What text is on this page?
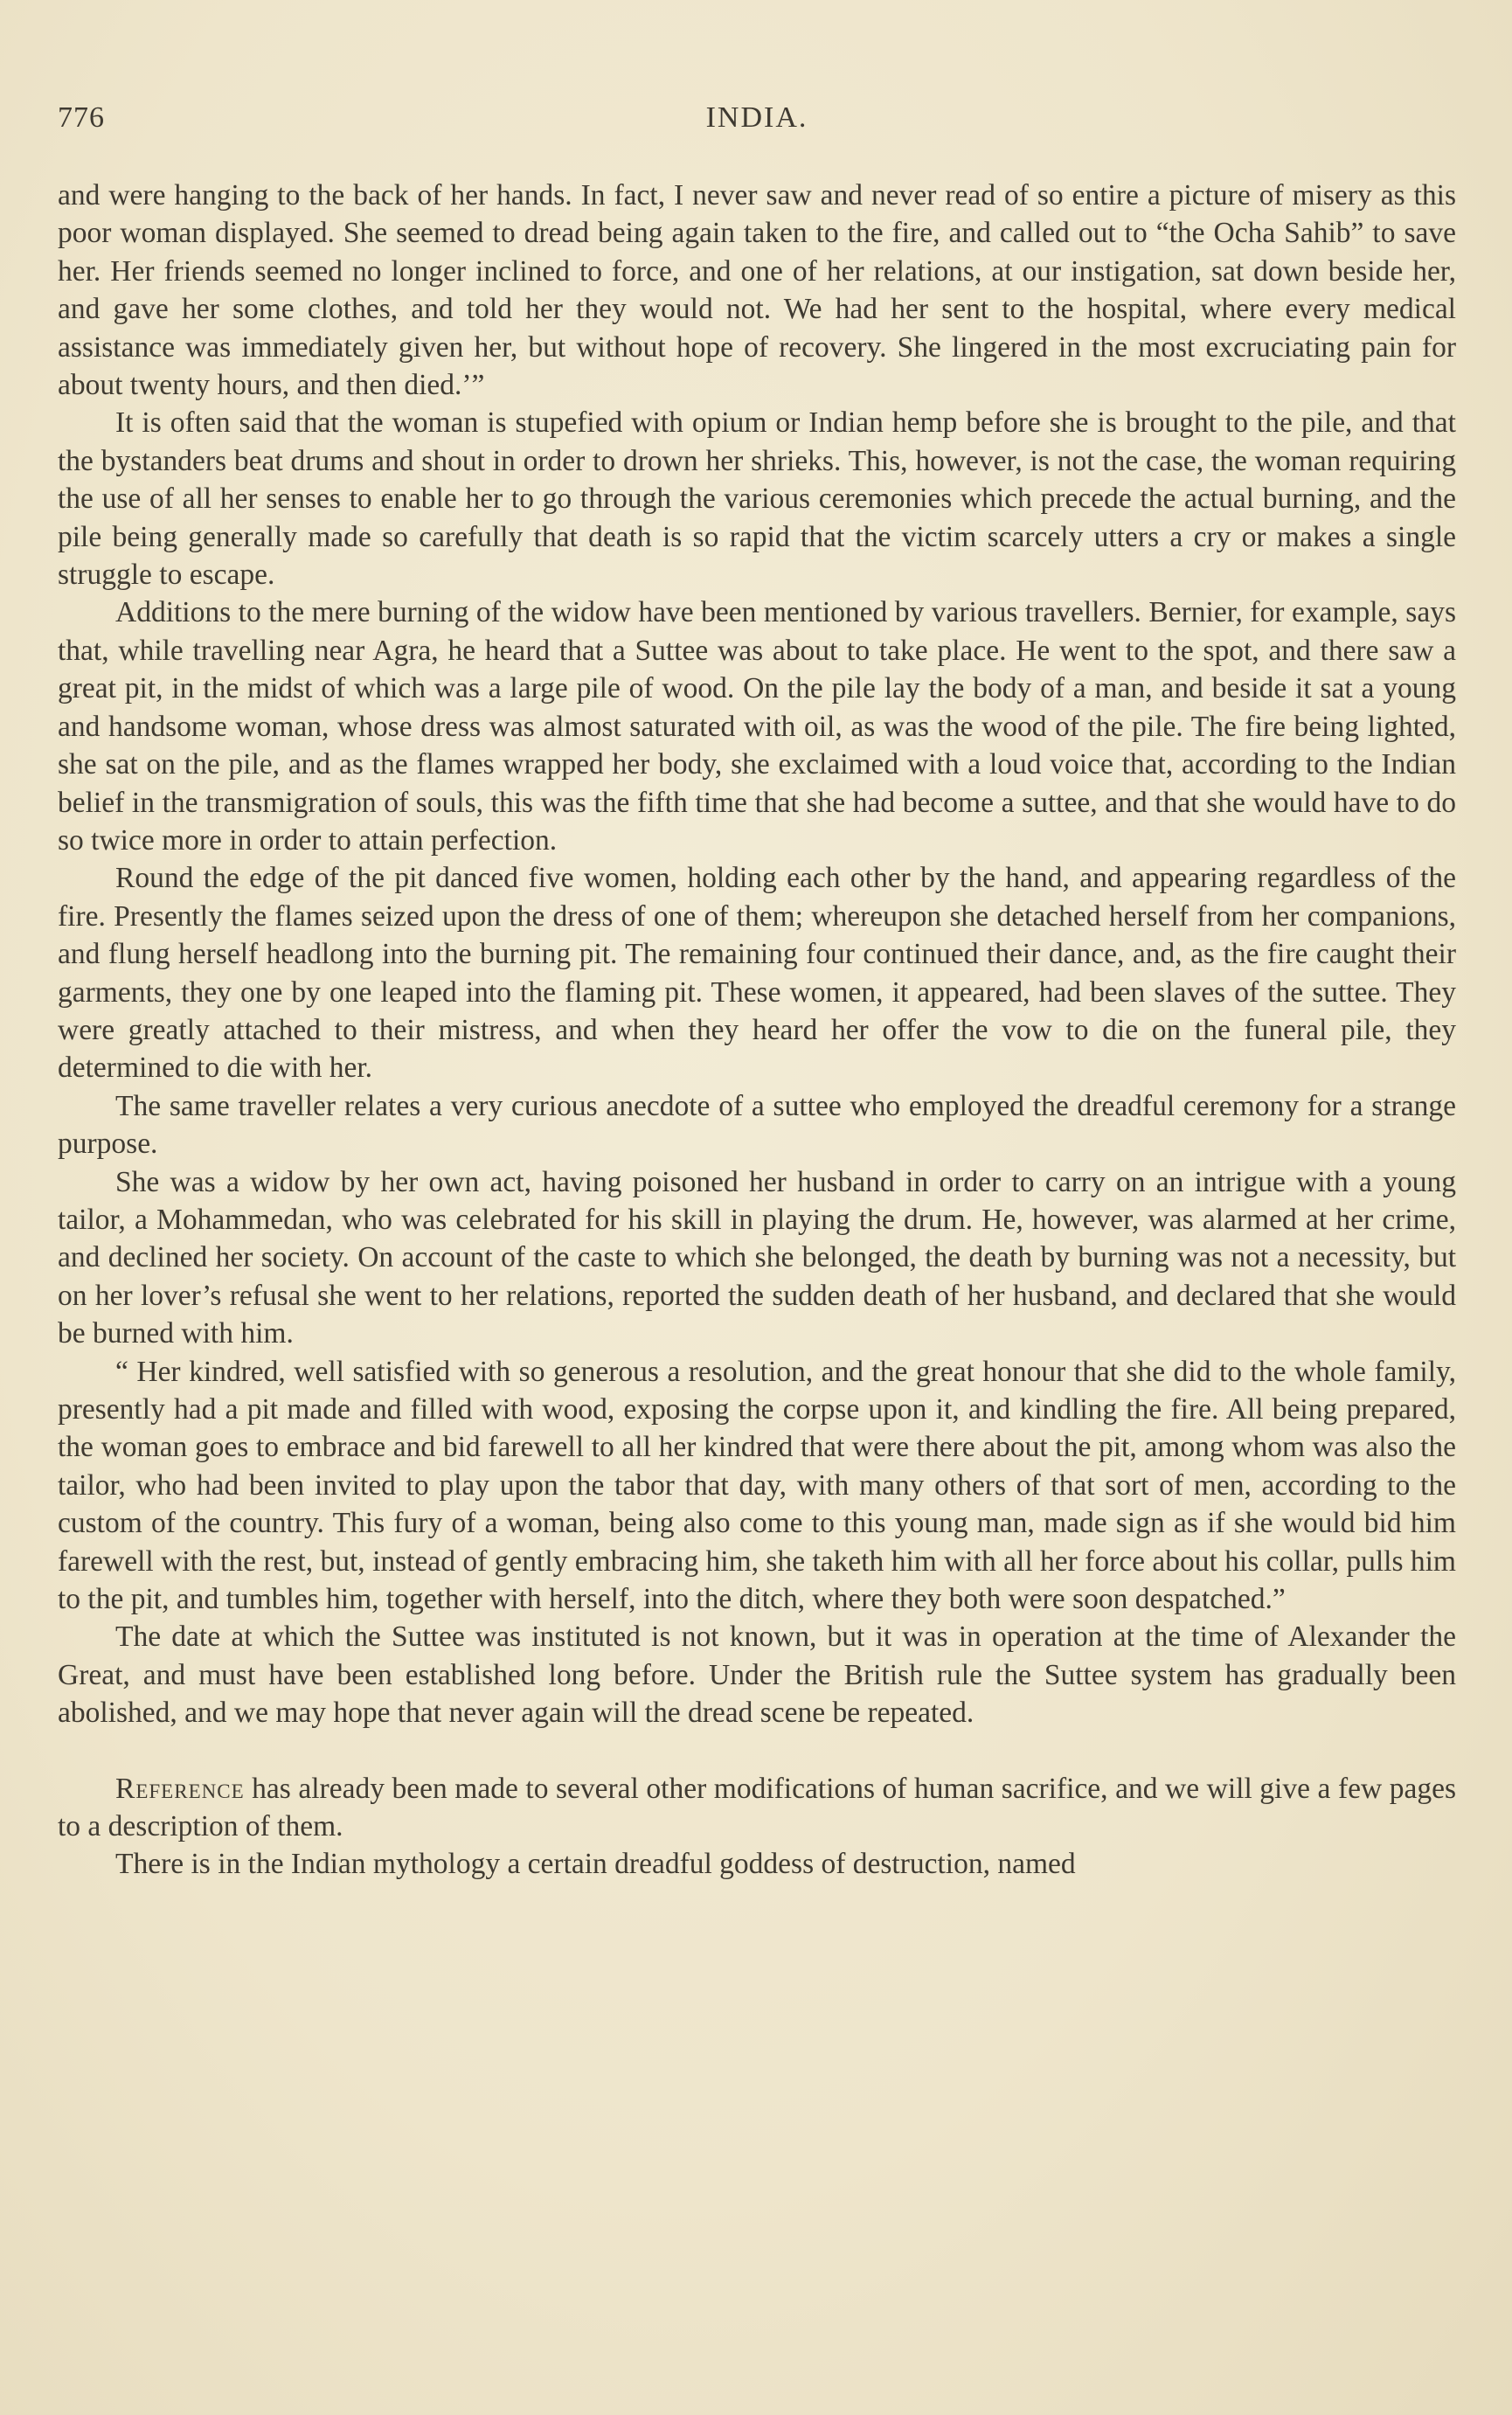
776	INDIA.

and were hanging to the back of her hands. In fact, I never saw and never read of so entire a picture of misery as this poor woman displayed. She seemed to dread being again taken to the fire, and called out to “the Ocha Sahib” to save her. Her friends seemed no longer inclined to force, and one of her relations, at our instigation, sat down beside her, and gave her some clothes, and told her they would not. We had her sent to the hospital, where every medical assistance was immediately given her, but without hope of recovery. She lingered in the most excruciating pain for about twenty hours, and then died.’”

It is often said that the woman is stupefied with opium or Indian hemp before she is brought to the pile, and that the bystanders beat drums and shout in order to drown her shrieks. This, however, is not the case, the woman requiring the use of all her senses to enable her to go through the various ceremonies which precede the actual burning, and the pile being generally made so carefully that death is so rapid that the victim scarcely utters a cry or makes a single struggle to escape.

Additions to the mere burning of the widow have been mentioned by various travellers. Bernier, for example, says that, while travelling near Agra, he heard that a Suttee was about to take place. He went to the spot, and there saw a great pit, in the midst of which was a large pile of wood. On the pile lay the body of a man, and beside it sat a young and handsome woman, whose dress was almost saturated with oil, as was the wood of the pile. The fire being lighted, she sat on the pile, and as the flames wrapped her body, she exclaimed with a loud voice that, according to the Indian belief in the transmigration of souls, this was the fifth time that she had become a suttee, and that she would have to do so twice more in order to attain perfection.

Round the edge of the pit danced five women, holding each other by the hand, and appearing regardless of the fire. Presently the flames seized upon the dress of one of them; whereupon she detached herself from her companions, and flung herself headlong into the burning pit. The remaining four continued their dance, and, as the fire caught their garments, they one by one leaped into the flaming pit. These women, it appeared, had been slaves of the suttee. They were greatly attached to their mistress, and when they heard her offer the vow to die on the funeral pile, they determined to die with her.

The same traveller relates a very curious anecdote of a suttee who employed the dreadful ceremony for a strange purpose.

She was a widow by her own act, having poisoned her husband in order to carry on an intrigue with a young tailor, a Mohammedan, who was celebrated for his skill in playing the drum. He, however, was alarmed at her crime, and declined her society. On account of the caste to which she belonged, the death by burning was not a necessity, but on her lover’s refusal she went to her relations, reported the sudden death of her husband, and declared that she would be burned with him.

“ Her kindred, well satisfied with so generous a resolution, and the great honour that she did to the whole family, presently had a pit made and filled with wood, exposing the corpse upon it, and kindling the fire. All being prepared, the woman goes to embrace and bid farewell to all her kindred that were there about the pit, among whom was also the tailor, who had been invited to play upon the tabor that day, with many others of that sort of men, according to the custom of the country. This fury of a woman, being also come to this young man, made sign as if she would bid him farewell with the rest, but, instead of gently embracing him, she taketh him with all her force about his collar, pulls him to the pit, and tumbles him, together with herself, into the ditch, where they both were soon despatched.”

The date at which the Suttee was instituted is not known, but it was in operation at the time of Alexander the Great, and must have been established long before. Under the British rule the Suttee system has gradually been abolished, and we may hope that never again will the dread scene be repeated.

Reference has already been made to several other modifications of human sacrifice, and we will give a few pages to a description of them.

There is in the Indian mythology a certain dreadful goddess of destruction, named
